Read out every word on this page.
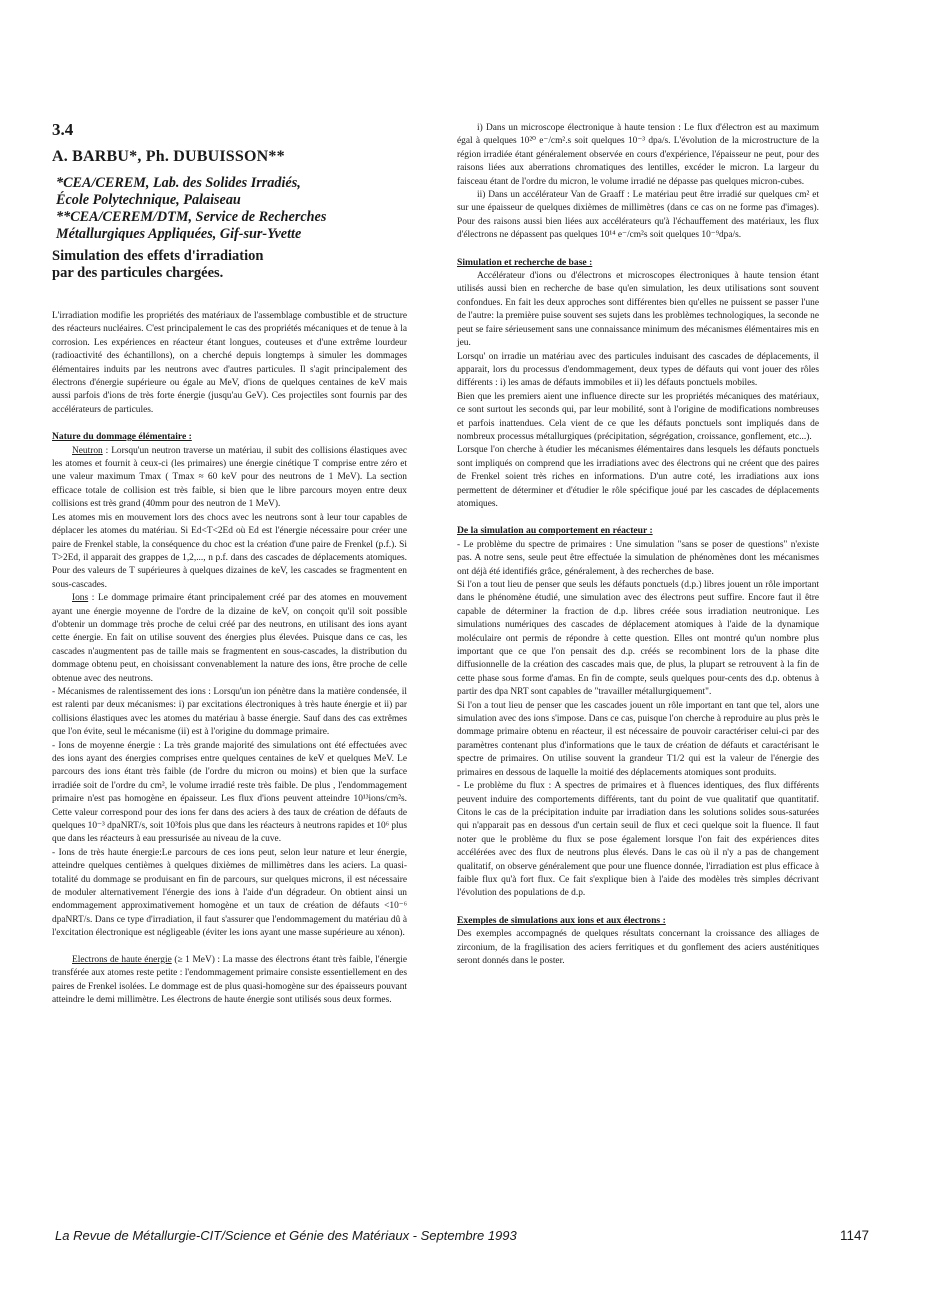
3.4
A. BARBU*, Ph. DUBUISSON**

*CEA/CEREM, Lab. des Solides Irradiés,

École Polytechnique, Palaiseau

**CEA/CEREM/DTM, Service de Recherches

Métallurgiques Appliquées, Gif-sur-Yvette

Simulation des effets d'irradiation

par des particules chargées.

L'irradiation modifie les propriétés des matériaux de l'assemblage combustible et de structure des réacteurs nucléaires. C'est principalement le cas des propriétés mécaniques et de tenue à la corrosion. Les expériences en réacteur étant longues, couteuses et d'une extrême lourdeur (radioactivité des échantillons), on a cherché depuis longtemps à simuler les dommages élémentaires induits par les neutrons avec d'autres particules. Il s'agit principalement des électrons d'énergie supérieure ou égale au MeV, d'ions de quelques centaines de keV mais aussi parfois d'ions de très forte énergie (jusqu'au GeV). Ces projectiles sont fournis par des accélérateurs de particules.

Nature du dommage élémentaire :

Neutron : Lorsqu'un neutron traverse un matériau, il subit des collisions élastiques avec les atomes et fournit à ceux-ci (les primaires) une énergie cinétique T comprise entre zéro et une valeur maximum Tmax ( Tmax ≈ 60 keV pour des neutrons de 1 MeV). La section efficace totale de collision est très faible, si bien que le libre parcours moyen entre deux collisions est très grand (40mm pour des neutron de 1 MeV).

Les atomes mis en mouvement lors des chocs avec les neutrons sont à leur tour capables de déplacer les atomes du matériau. Si Ed<T<2Ed où Ed est l'énergie nécessaire pour créer une paire de Frenkel stable, la conséquence du choc est la création d'une paire de Frenkel (p.f.). Si T>2Ed, il apparait des grappes de 1,2,..., n p.f. dans des cascades de déplacements atomiques. Pour des valeurs de T supérieures à quelques dizaines de keV, les cascades se fragmentent en sous-cascades.

Ions : Le dommage primaire étant principalement créé par des atomes en mouvement ayant une énergie moyenne de l'ordre de la dizaine de keV, on conçoit qu'il soit possible d'obtenir un dommage très proche de celui créé par des neutrons, en utilisant des ions ayant cette énergie. En fait on utilise souvent des énergies plus élevées. Puisque dans ce cas, les cascades n'augmentent pas de taille mais se fragmentent en sous-cascades, la distribution du dommage obtenu peut, en choisissant convenablement la nature des ions, être proche de celle obtenue avec des neutrons.

- Mécanismes de ralentissement des ions : Lorsqu'un ion pénètre dans la matière condensée, il est ralenti par deux mécanismes: i) par excitations électroniques à très haute énergie et ii) par collisions élastiques avec les atomes du matériau à basse énergie. Sauf dans des cas extrêmes que l'on évite, seul le mécanisme (ii) est à l'origine du dommage primaire.

- Ions de moyenne énergie : La très grande majorité des simulations ont été effectuées avec des ions ayant des énergies comprises entre quelques centaines de keV et quelques MeV. Le parcours des ions étant très faible (de l'ordre du micron ou moins) et bien que la surface irradiée soit de l'ordre du cm², le volume irradié reste très faible. De plus , l'endommagement primaire n'est pas homogène en épaisseur. Les flux d'ions peuvent atteindre 10¹³ions/cm²s. Cette valeur correspond pour des ions fer dans des aciers à des taux de création de défauts de quelques 10⁻³ dpaNRT/s, soit 10³fois plus que dans les réacteurs à neutrons rapides et 10⁶ plus que dans les réacteurs à eau pressurisée au niveau de la cuve.

- Ions de très haute énergie:Le parcours de ces ions peut, selon leur nature et leur énergie, atteindre quelques centièmes à quelques dixièmes de millimètres dans les aciers. La quasi-totalité du dommage se produisant en fin de parcours, sur quelques microns, il est nécessaire de moduler alternativement l'énergie des ions à l'aide d'un dégradeur. On obtient ainsi un endommagement approximativement homogène et un taux de création de défauts <10⁻⁶ dpaNRT/s. Dans ce type d'irradiation, il faut s'assurer que l'endommagement du matériau dû à l'excitation électronique est négligeable (éviter les ions ayant une masse supérieure au xénon).

Electrons de haute énergie (≥ 1 MeV) : La masse des électrons étant très faible, l'énergie transférée aux atomes reste petite : l'endommagement primaire consiste essentiellement en des paires de Frenkel isolées. Le dommage est de plus quasi-homogène sur des épaisseurs pouvant atteindre le demi millimètre. Les électrons de haute énergie sont utilisés sous deux formes.

i) Dans un microscope électronique à haute tension : Le flux d'électron est au maximum égal à quelques 10²⁰ e⁻/cm².s soit quelques 10⁻³ dpa/s. L'évolution de la microstructure de la région irradiée étant généralement observée en cours d'expérience, l'épaisseur ne peut, pour des raisons liées aux aberrations chromatiques des lentilles, excéder le micron. La largeur du faisceau étant de l'ordre du micron, le volume irradié ne dépasse pas quelques micron-cubes.

ii) Dans un accélérateur Van de Graaff : Le matériau peut être irradié sur quelques cm² et sur une épaisseur de quelques dixièmes de millimètres (dans ce cas on ne forme pas d'images). Pour des raisons aussi bien liées aux accélérateurs qu'à l'échauffement des matériaux, les flux d'électrons ne dépassent pas quelques 10¹⁴ e⁻/cm²s soit quelques 10⁻⁹dpa/s.

Simulation et recherche de base :

Accélérateur d'ions ou d'électrons et microscopes électroniques à haute tension étant utilisés aussi bien en recherche de base qu'en simulation, les deux utilisations sont souvent confondues. En fait les deux approches sont différentes bien qu'elles ne puissent se passer l'une de l'autre: la première puise souvent ses sujets dans les problèmes technologiques, la seconde ne peut se faire sérieusement sans une connaissance minimum des mécanismes élémentaires mis en jeu.

Lorsqu' on irradie un matériau avec des particules induisant des cascades de déplacements, il apparait, lors du processus d'endommagement, deux types de défauts qui vont jouer des rôles différents : i) les amas de défauts immobiles et ii) les défauts ponctuels mobiles.

Bien que les premiers aient une influence directe sur les propriétés mécaniques des matériaux, ce sont surtout les seconds qui, par leur mobilité, sont à l'origine de modifications nombreuses et parfois inattendues. Cela vient de ce que les défauts ponctuels sont impliqués dans de nombreux processus métallurgiques (précipitation, ségrégation, croissance, gonflement, etc...).

Lorsque l'on cherche à étudier les mécanismes élémentaires dans lesquels les défauts ponctuels sont impliqués on comprend que les irradiations avec des électrons qui ne créent que des paires de Frenkel soient très riches en informations. D'un autre coté, les irradiations aux ions permettent de déterminer et d'étudier le rôle spécifique joué par les cascades de déplacements atomiques.

De la simulation au comportement en réacteur :

- Le problème du spectre de primaires : Une simulation "sans se poser de questions" n'existe pas. A notre sens, seule peut être effectuée la simulation de phénomènes dont les mécanismes ont déjà été identifiés grâce, généralement, à des recherches de base.

Si l'on a tout lieu de penser que seuls les défauts ponctuels (d.p.) libres jouent un rôle important dans le phénomène étudié, une simulation avec des électrons peut suffire. Encore faut il être capable de déterminer la fraction de d.p. libres créée sous irradiation neutronique. Les simulations numériques des cascades de déplacement atomiques à l'aide de la dynamique moléculaire ont permis de répondre à cette question. Elles ont montré qu'un nombre plus important que ce que l'on pensait des d.p. créés se recombinent lors de la phase dite diffusionnelle de la création des cascades mais que, de plus, la plupart se retrouvent à la fin de cette phase sous forme d'amas. En fin de compte, seuls quelques pour-cents des d.p. obtenus à partir des dpa NRT sont capables de "travailler métallurgiquement".

Si l'on a tout lieu de penser que les cascades jouent un rôle important en tant que tel, alors une simulation avec des ions s'impose. Dans ce cas, puisque l'on cherche à reproduire au plus près le dommage primaire obtenu en réacteur, il est nécessaire de pouvoir caractériser celui-ci par des paramètres contenant plus d'informations que le taux de création de défauts et caractérisant le spectre de primaires. On utilise souvent la grandeur T1/2 qui est la valeur de l'énergie des primaires en dessous de laquelle la moitié des déplacements atomiques sont produits.

- Le problème du flux : A spectres de primaires et à fluences identiques, des flux différents peuvent induire des comportements différents, tant du point de vue qualitatif que quantitatif. Citons le cas de la précipitation induite par irradiation dans les solutions solides sous-saturées qui n'apparait pas en dessous d'un certain seuil de flux et ceci quelque soit la fluence. Il faut noter que le problème du flux se pose également lorsque l'on fait des expériences dites accélérées avec des flux de neutrons plus élevés. Dans le cas où il n'y a pas de changement qualitatif, on observe généralement que pour une fluence donnée, l'irradiation est plus efficace à faible flux qu'à fort flux. Ce fait s'explique bien à l'aide des modèles très simples décrivant l'évolution des populations de d.p.

Exemples de simulations aux ions et aux électrons :

Des exemples accompagnés de quelques résultats concernant la croissance des alliages de zirconium, de la fragilisation des aciers ferritiques et du gonflement des aciers austénitiques seront donnés dans le poster.

La Revue de Métallurgie-CIT/Science et Génie des Matériaux - Septembre 1993	1147
